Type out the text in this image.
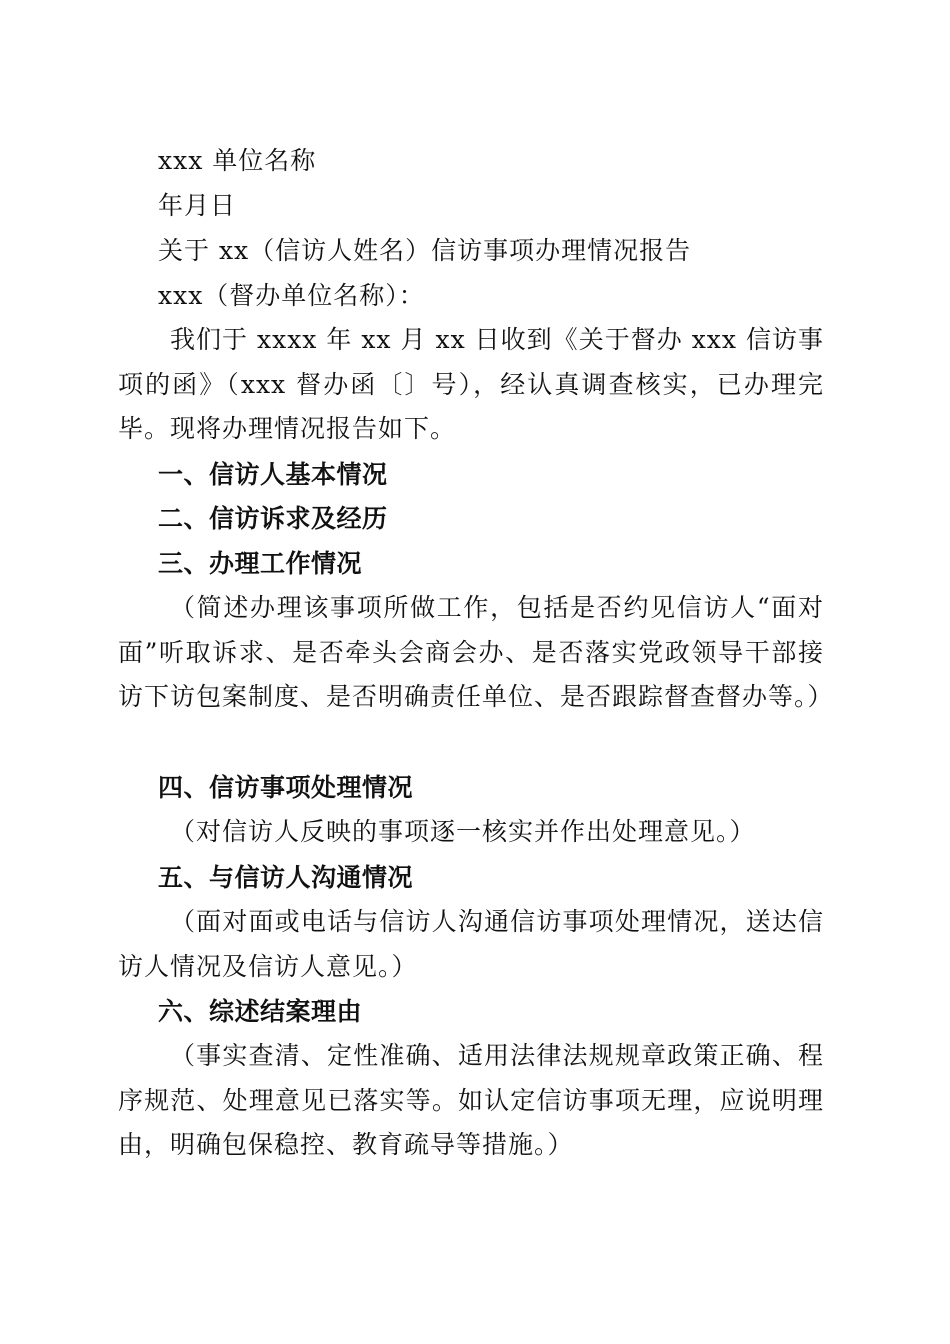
xxx 单位名称
年月日
关于 xx（信访人姓名）信访事项办理情况报告
xxx（督办单位名称）：
我们于 xxxx 年 xx 月 xx 日收到《关于督办 xxx 信访事项的函》（xxx 督办函〔〕号），经认真调查核实，已办理完毕。现将办理情况报告如下。
一、信访人基本情况
二、信访诉求及经历
三、办理工作情况
（简述办理该事项所做工作，包括是否约见信访人“面对面”听取诉求、是否牵头会商会办、是否落实党政领导干部接访下访包案制度、是否明确责任单位、是否跟踪督查督办等。）
四、信访事项处理情况
（对信访人反映的事项逐一核实并作出处理意见。）
五、与信访人沟通情况
（面对面或电话与信访人沟通信访事项处理情况，送达信访人情况及信访人意见。）
六、综述结案理由
（事实查清、定性准确、适用法律法规规章政策正确、程序规范、处理意见已落实等。如认定信访事项无理，应说明理由，明确包保稳控、教育疏导等措施。）
